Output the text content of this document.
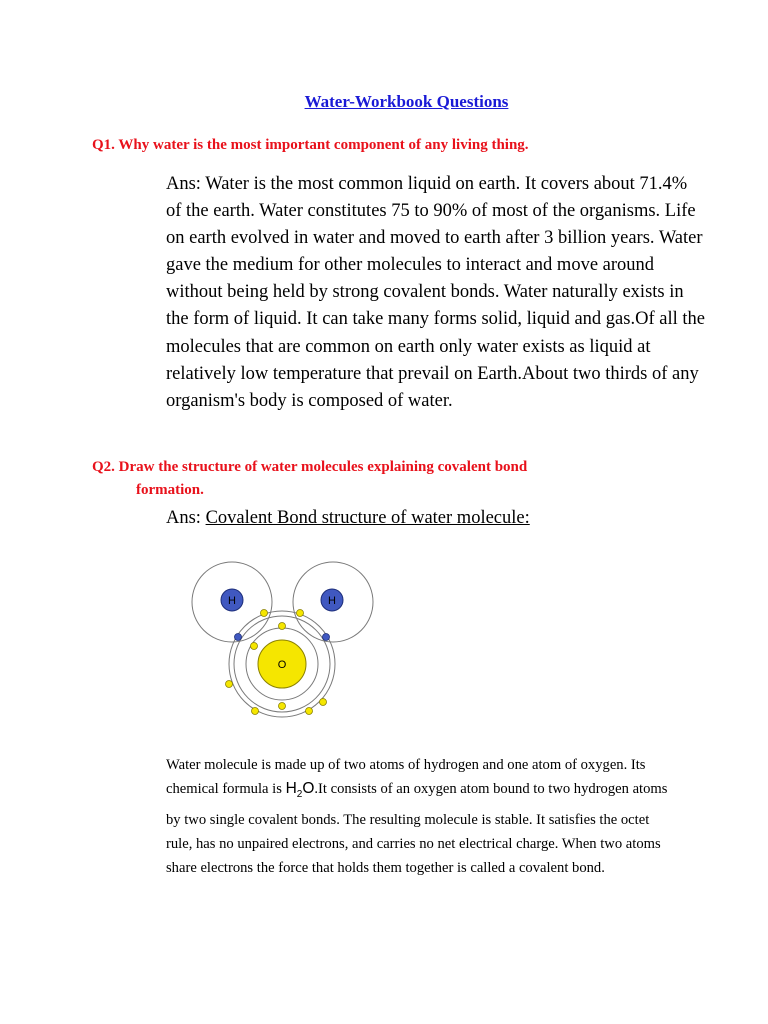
Water-Workbook Questions

Q1. Why water is the most important component of any living thing.

Ans: Water is the most common liquid on earth. It covers about 71.4% of the earth. Water constitutes 75 to 90% of most of the organisms. Life on earth evolved in water and moved to earth after 3 billion years. Water gave the medium for other molecules to interact and move around without being held by strong covalent bonds. Water naturally exists in the form of liquid. It can take many forms solid, liquid and gas.Of all the molecules that are common on earth only water exists as liquid at relatively low temperature that prevail on Earth.About two thirds of any organism's body is composed of water.

Q2. Draw the structure of water molecules explaining covalent bond
formation.

Ans: Covalent Bond structure of water molecule:

H	H
O

Water molecule is made up of two atoms of hydrogen and one atom of oxygen. Its chemical formula is $H_2O.It$ consists of an oxygen atom bound to two hydrogen atoms by two single covalent bonds. The resulting molecule is stable. It satisfies the octet rule, has no unpaired electrons, and carries no net electrical charge. When two atoms share electrons the force that holds them together is called a covalent bond.
